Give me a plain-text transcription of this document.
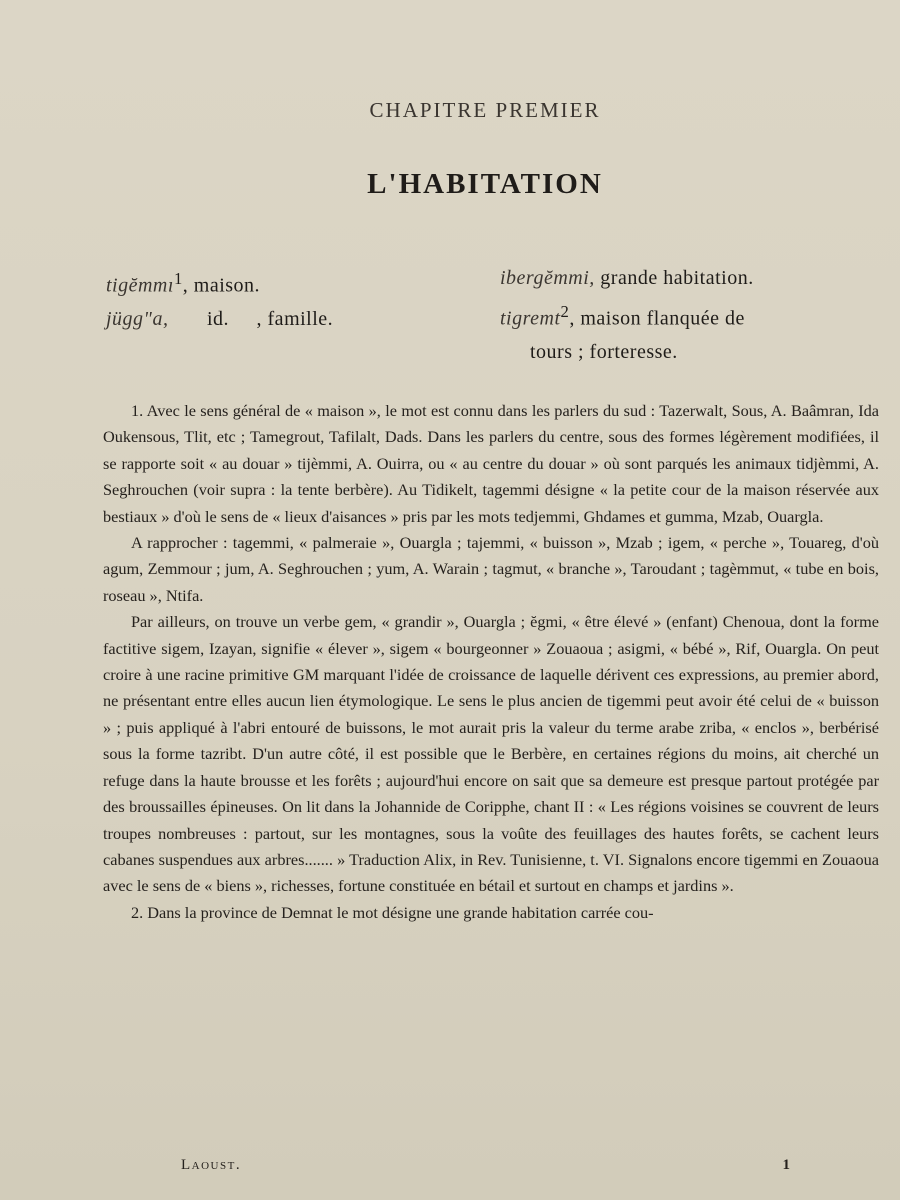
CHAPITRE PREMIER
L'HABITATION
tigĕmmı$^1$, maison.
jügg"a,       id.     , famille.
ibergĕmmi, grande habitation.
tigremt$^2$, maison flanquée de
tours ; forteresse.

1. Avec le sens général de « maison », le mot est connu dans les parlers du sud : Tazerwalt, Sous, A. Baâmran, Ida Oukensous, Tlit, etc ; Tamegrout, Tafilalt, Dads. Dans les parlers du centre, sous des formes légèrement modifiées, il se rapporte soit « au douar » tijèmmi, A. Ouirra, ou « au centre du douar » où sont parqués les animaux tidjèmmi, A. Seghrouchen (voir supra : la tente berbère). Au Tidikelt, tagemmi désigne « la petite cour de la maison réservée aux bestiaux » d'où le sens de « lieux d'aisances » pris par les mots tedjemmi, Ghdames et gumma, Mzab, Ouargla.

A rapprocher : tagemmi, « palmeraie », Ouargla ; tajemmi, « buisson », Mzab ; igem, « perche », Touareg, d'où agum, Zemmour ; jum, A. Seghrouchen ; yum, A. Warain ; tagmut, « branche », Taroudant ; tagèmmut, « tube en bois, roseau », Ntifa.

Par ailleurs, on trouve un verbe gem, « grandir », Ouargla ; ĕgmi, « être élevé » (enfant) Chenoua, dont la forme factitive sigem, Izayan, signifie « élever », sigem « bourgeonner » Zouaoua ; asigmi, « bébé », Rif, Ouargla. On peut croire à une racine primitive GM marquant l'idée de croissance de laquelle dérivent ces expressions, au premier abord, ne présentant entre elles aucun lien étymologique. Le sens le plus ancien de tigemmi peut avoir été celui de « buisson » ; puis appliqué à l'abri entouré de buissons, le mot aurait pris la valeur du terme arabe zriba, « enclos », berbérisé sous la forme tazribt. D'un autre côté, il est possible que le Berbère, en certaines régions du moins, ait cherché un refuge dans la haute brousse et les forêts ; aujourd'hui encore on sait que sa demeure est presque partout protégée par des broussailles épineuses. On lit dans la Johannide de Coripphe, chant II : « Les régions voisines se couvrent de leurs troupes nombreuses : partout, sur les montagnes, sous la voûte des feuillages des hautes forêts, se cachent leurs cabanes suspendues aux arbres....... » Traduction Alix, in Rev. Tunisienne, t. VI. Signalons encore tigemmi en Zouaoua avec le sens de « biens », richesses, fortune constituée en bétail et surtout en champs et jardins ».

2. Dans la province de Demnat le mot désigne une grande habitation carrée cou-

Laoust.	1
